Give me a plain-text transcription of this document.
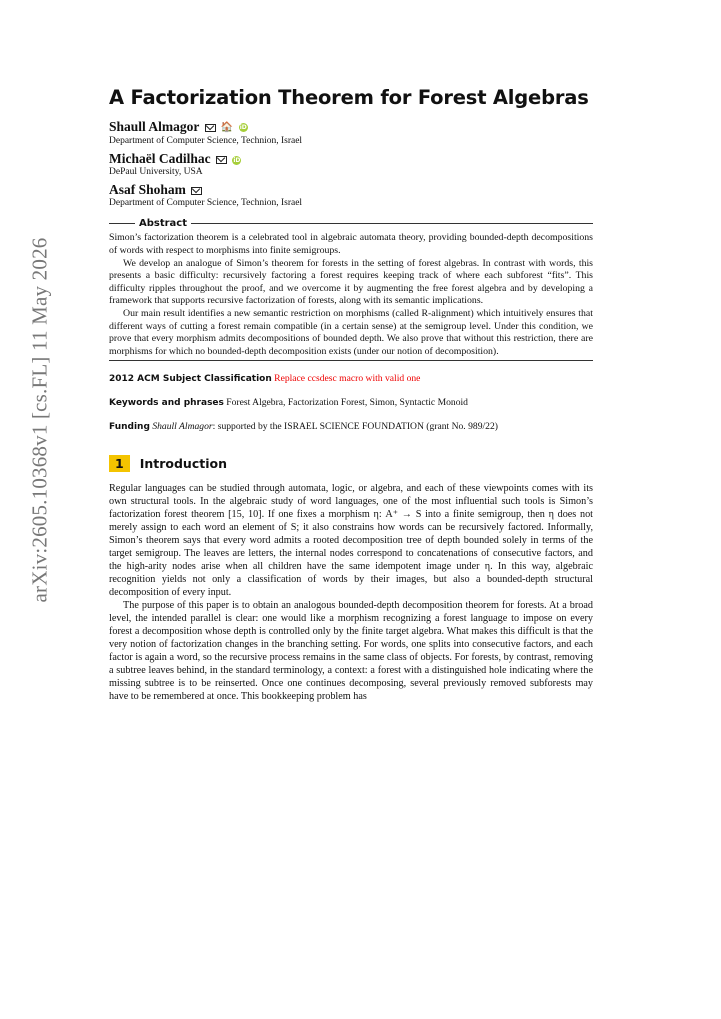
arXiv:2605.10368v1 [cs.FL] 11 May 2026
A Factorization Theorem for Forest Algebras
Shaull Almagor 🏠 iD
Department of Computer Science, Technion, Israel
Michaël Cadilhac	iD
DePaul University, USA
Asaf Shoham
Department of Computer Science, Technion, Israel
Abstract

Simon’s factorization theorem is a celebrated tool in algebraic automata theory, providing bounded-depth decompositions of words with respect to morphisms into finite semigroups.

We develop an analogue of Simon’s theorem for forests in the setting of forest algebras. In contrast with words, this presents a basic difficulty: recursively factoring a forest requires keeping track of where each subforest “fits”. This difficulty ripples throughout the proof, and we overcome it by augmenting the free forest algebra and by developing a framework that supports recursive factorization of forests, along with its semantic implications.

Our main result identifies a new semantic restriction on morphisms (called R-alignment) which intuitively ensures that different ways of cutting a forest remain compatible (in a certain sense) at the semigroup level. Under this condition, we prove that every morphism admits decompositions of bounded depth. We also prove that without this restriction, there are morphisms for which no bounded-depth decomposition exists (under our notion of decomposition).

2012 ACM Subject Classification Replace ccsdesc macro with valid one
Keywords and phrases Forest Algebra, Factorization Forest, Simon, Syntactic Monoid
Funding Shaull Almagor: supported by the ISRAEL SCIENCE FOUNDATION (grant No. 989/22)
1	Introduction

Regular languages can be studied through automata, logic, or algebra, and each of these viewpoints comes with its own structural tools. In the algebraic study of word languages, one of the most influential such tools is Simon’s factorization forest theorem [15, 10]. If one fixes a morphism η: A⁺ → S into a finite semigroup, then η does not merely assign to each word an element of S; it also constrains how words can be recursively factored. Informally, Simon’s theorem says that every word admits a rooted decomposition tree of depth bounded solely in terms of the target semigroup. The leaves are letters, the internal nodes correspond to concatenations of consecutive factors, and the high-arity nodes arise when all children have the same idempotent image under η. In this way, algebraic recognition yields not only a classification of words by their images, but also a bounded-depth structural decomposition of every input.

The purpose of this paper is to obtain an analogous bounded-depth decomposition theorem for forests. At a broad level, the intended parallel is clear: one would like a morphism recognizing a forest language to impose on every forest a decomposition whose depth is controlled only by the finite target algebra. What makes this difficult is that the very notion of factorization changes in the branching setting. For words, one splits into consecutive factors, and each factor is again a word, so the recursive process remains in the same class of objects. For forests, by contrast, removing a subtree leaves behind, in the standard terminology, a context: a forest with a distinguished hole indicating where the missing subtree is to be reinserted. Once one continues decomposing, several previously removed subforests may have to be remembered at once. This bookkeeping problem has
